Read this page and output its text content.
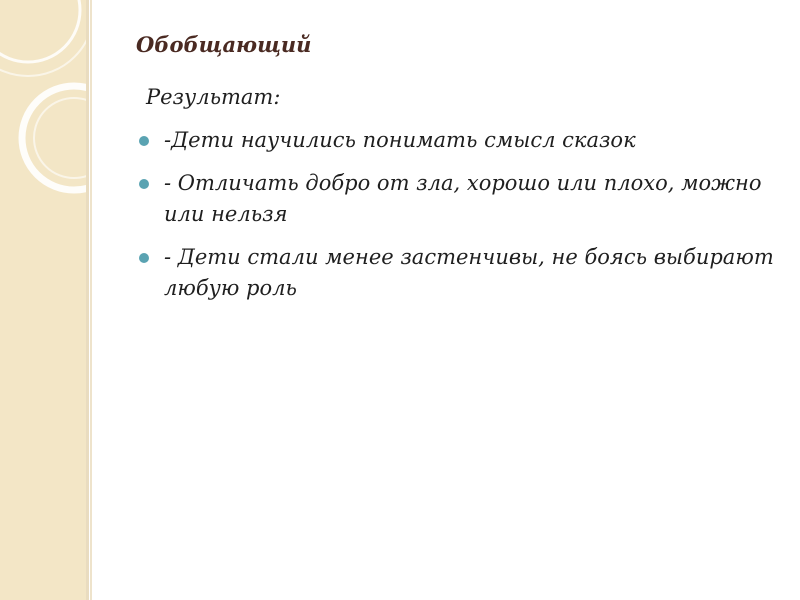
Обобщающий
Результат:
-Дети научились понимать смысл сказок
- Отличать добро от зла, хорошо или плохо, можно или нельзя
- Дети стали менее застенчивы, не боясь выбирают любую роль
